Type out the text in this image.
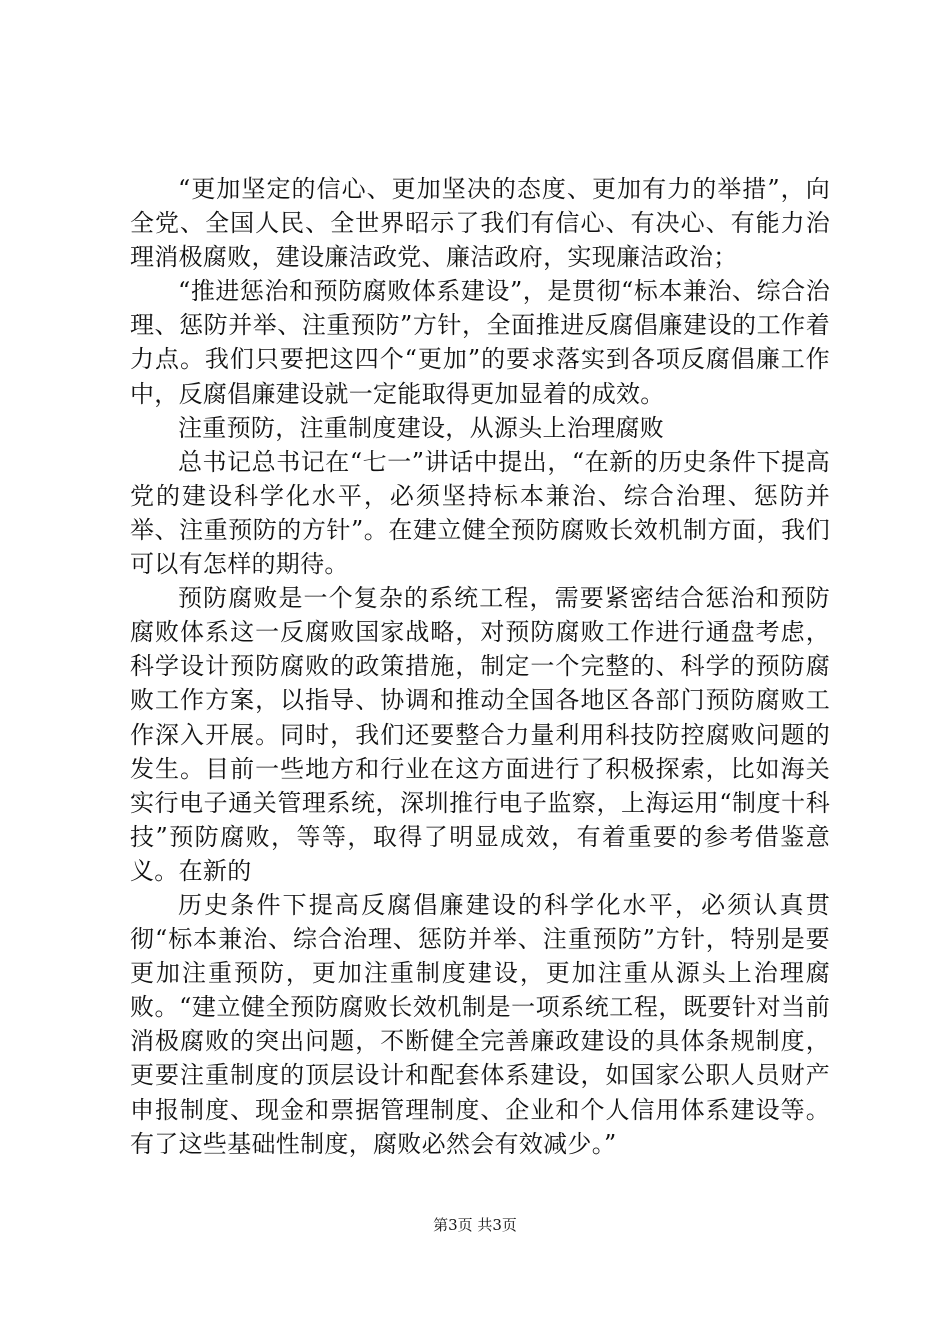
“更加坚定的信心、更加坚决的态度、更加有力的举措”，向全党、全国人民、全世界昭示了我们有信心、有决心、有能力治理消极腐败，建设廉洁政党、廉洁政府，实现廉洁政治；

“推进惩治和预防腐败体系建设”，是贯彻“标本兼治、综合治理、惩防并举、注重预防”方针，全面推进反腐倡廉建设的工作着力点。我们只要把这四个“更加”的要求落实到各项反腐倡廉工作中，反腐倡廉建设就一定能取得更加显着的成效。

注重预防，注重制度建设，从源头上治理腐败

总书记总书记在“七一”讲话中提出，“在新的历史条件下提高党的建设科学化水平，必须坚持标本兼治、综合治理、惩防并举、注重预防的方针”。在建立健全预防腐败长效机制方面，我们可以有怎样的期待。

预防腐败是一个复杂的系统工程，需要紧密结合惩治和预防腐败体系这一反腐败国家战略，对预防腐败工作进行通盘考虑，科学设计预防腐败的政策措施，制定一个完整的、科学的预防腐败工作方案，以指导、协调和推动全国各地区各部门预防腐败工作深入开展。同时，我们还要整合力量利用科技防控腐败问题的发生。目前一些地方和行业在这方面进行了积极探索，比如海关实行电子通关管理系统，深圳推行电子监察，上海运用“制度十科技”预防腐败，等等，取得了明显成效，有着重要的参考借鉴意义。在新的

历史条件下提高反腐倡廉建设的科学化水平，必须认真贯彻“标本兼治、综合治理、惩防并举、注重预防”方针，特别是要更加注重预防，更加注重制度建设，更加注重从源头上治理腐败。“建立健全预防腐败长效机制是一项系统工程，既要针对当前消极腐败的突出问题，不断健全完善廉政建设的具体条规制度，更要注重制度的顶层设计和配套体系建设，如国家公职人员财产申报制度、现金和票据管理制度、企业和个人信用体系建设等。有了这些基础性制度，腐败必然会有效减少。”

第3页 共3页
